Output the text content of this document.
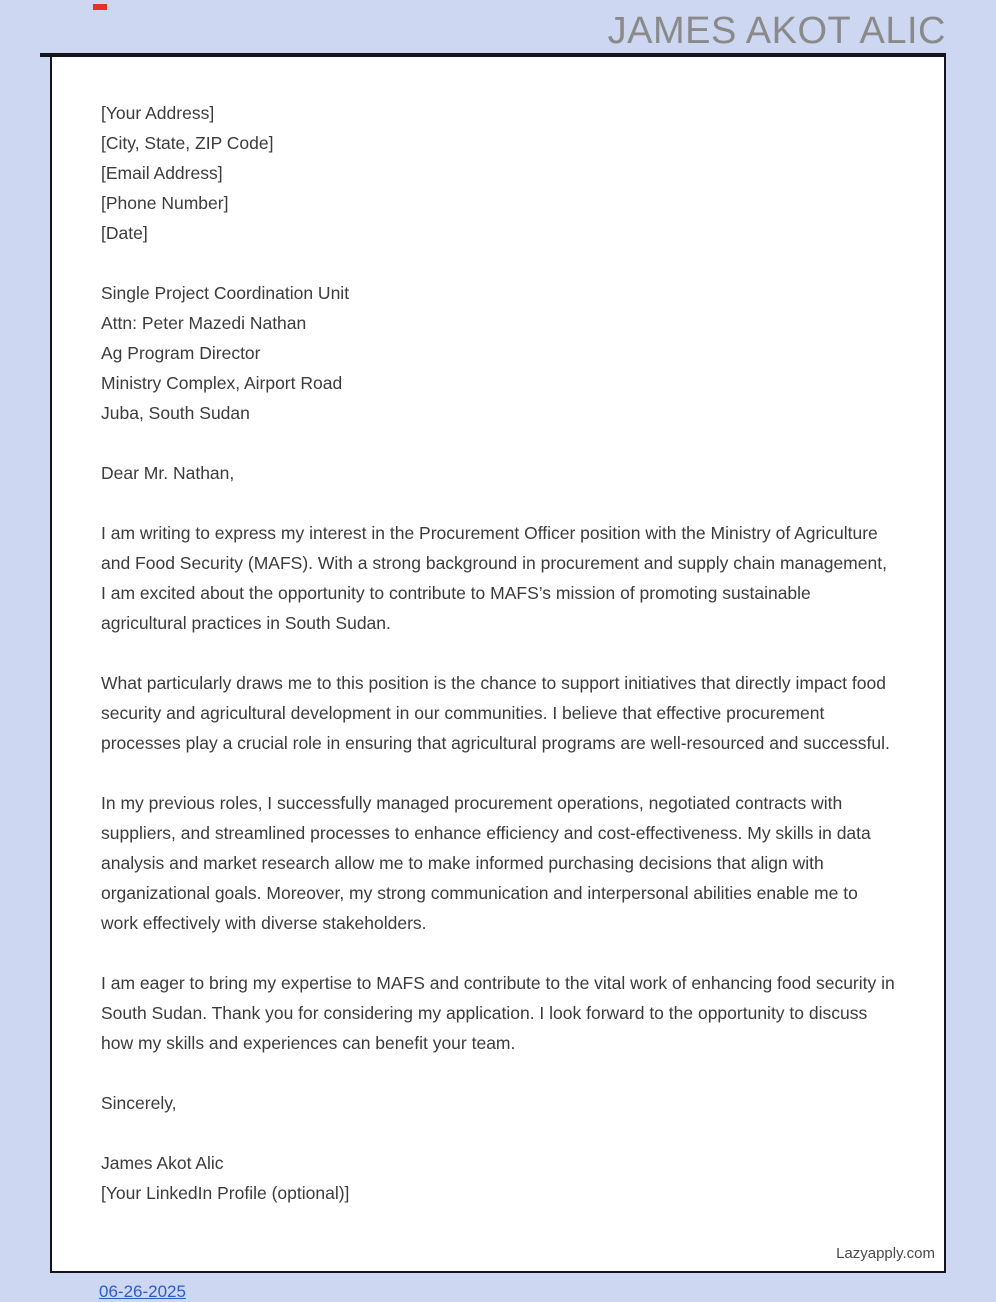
JAMES AKOT ALIC
[Your Address]
[City, State, ZIP Code]
[Email Address]
[Phone Number]
[Date]
Single Project Coordination Unit
Attn: Peter Mazedi Nathan
Ag Program Director
Ministry Complex, Airport Road
Juba, South Sudan
Dear Mr. Nathan,

I am writing to express my interest in the Procurement Officer position with the Ministry of Agriculture and Food Security (MAFS). With a strong background in procurement and supply chain management, I am excited about the opportunity to contribute to MAFS’s mission of promoting sustainable agricultural practices in South Sudan.

What particularly draws me to this position is the chance to support initiatives that directly impact food security and agricultural development in our communities. I believe that effective procurement processes play a crucial role in ensuring that agricultural programs are well-resourced and successful.

In my previous roles, I successfully managed procurement operations, negotiated contracts with suppliers, and streamlined processes to enhance efficiency and cost-effectiveness. My skills in data analysis and market research allow me to make informed purchasing decisions that align with organizational goals. Moreover, my strong communication and interpersonal abilities enable me to work effectively with diverse stakeholders.

I am eager to bring my expertise to MAFS and contribute to the vital work of enhancing food security in South Sudan. Thank you for considering my application. I look forward to the opportunity to discuss how my skills and experiences can benefit your team.

Sincerely,
James Akot Alic
[Your LinkedIn Profile (optional)]
Lazyapply.com
06-26-2025
